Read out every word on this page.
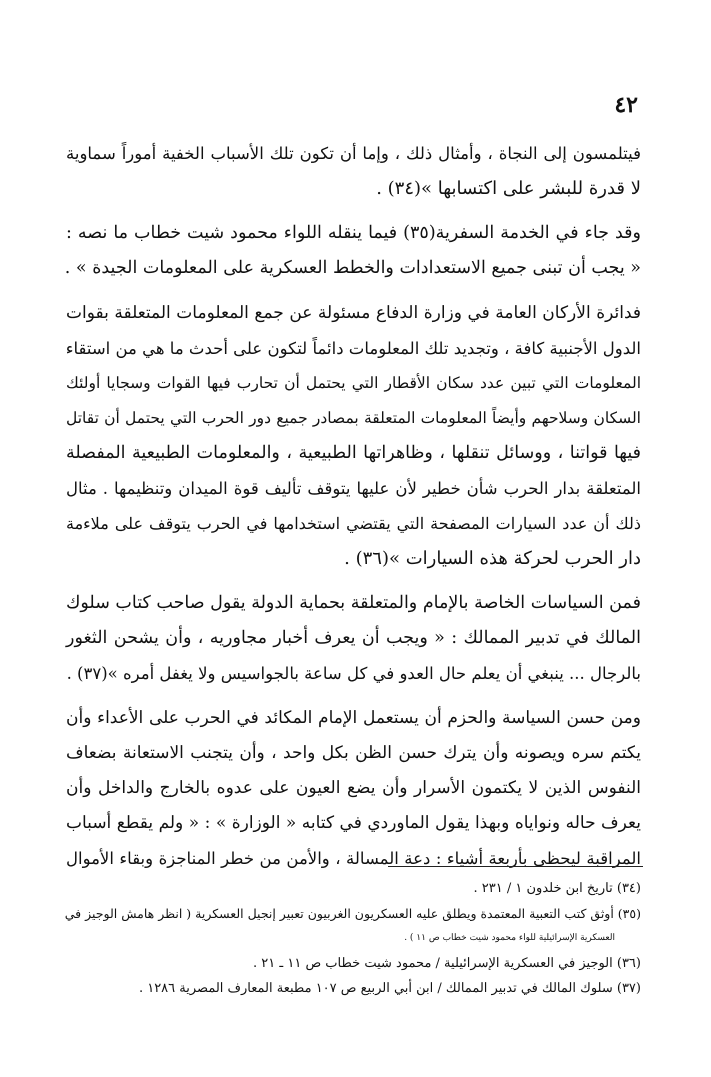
٤٢

فيتلمسون إلى النجاة ، وأمثال ذلك ، وإما أن تكون تلك الأسباب الخفية أموراً سماوية
لا قدرة للبشر على اكتسابها »(٣٤) .

وقد جاء في الخدمة السفرية(٣٥) فيما ينقله اللواء محمود شيت خطاب ما نصه :
« يجب أن تبنى جميع الاستعدادات والخطط العسكرية على المعلومات الجيدة » .

فدائرة الأركان العامة في وزارة الدفاع مسئولة عن جمع المعلومات المتعلقة بقوات
الدول الأجنبية كافة ، وتجديد تلك المعلومات دائماً لتكون على أحدث ما هي من استقاء
المعلومات التي تبين عدد سكان الأقطار التي يحتمل أن تحارب فيها القوات وسجايا أولئك
السكان وسلاحهم وأيضاً المعلومات المتعلقة بمصادر جميع دور الحرب التي يحتمل أن تقاتل
فيها قواتنا ، ووسائل تنقلها ، وظاهراتها الطبيعية ، والمعلومات الطبيعية المفصلة
المتعلقة بدار الحرب شأن خطير لأن عليها يتوقف تأليف قوة الميدان وتنظيمها . مثال
ذلك أن عدد السيارات المصفحة التي يقتضي استخدامها في الحرب يتوقف على ملاءمة
دار الحرب لحركة هذه السيارات »(٣٦) .

فمن السياسات الخاصة بالإمام والمتعلقة بحماية الدولة يقول صاحب كتاب سلوك
المالك في تدبير الممالك : « ويجب أن يعرف أخبار مجاوريه ، وأن يشحن الثغور
بالرجال ... ينبغي أن يعلم حال العدو في كل ساعة بالجواسيس ولا يغفل أمره »(٣٧) .

ومن حسن السياسة والحزم أن يستعمل الإمام المكائد في الحرب على الأعداء وأن
يكتم سره ويصونه وأن يترك حسن الظن بكل واحد ، وأن يتجنب الاستعانة بضعاف
النفوس الذين لا يكتمون الأسرار وأن يضع العيون على عدوه بالخارج والداخل وأن
يعرف حاله ونواياه وبهذا يقول الماوردي في كتابه « الوزارة » : « ولم يقطع أسباب
المراقبة ليحظى بأربعة أشياء : دعة المسالة ، والأمن من خطر المناجزة وبقاء الأموال

(٣٤) تاريخ ابن خلدون ١ / ٢٣١ .
(٣٥) أوثق كتب التعبية المعتمدة ويطلق عليه العسكريون الغربيون تعبير إنجيل العسكرية ( انظر هامش الوجيز في
العسكرية الإسرائيلية للواء محمود شيت خطاب ص ١١ ) .
(٣٦) الوجيز في العسكرية الإسرائيلية / محمود شيت خطاب ص ١١ ـ ٢١ .
(٣٧) سلوك المالك في تدبير الممالك / ابن أبي الربيع ص ١٠٧ مطبعة المعارف المصرية ١٢٨٦ .
